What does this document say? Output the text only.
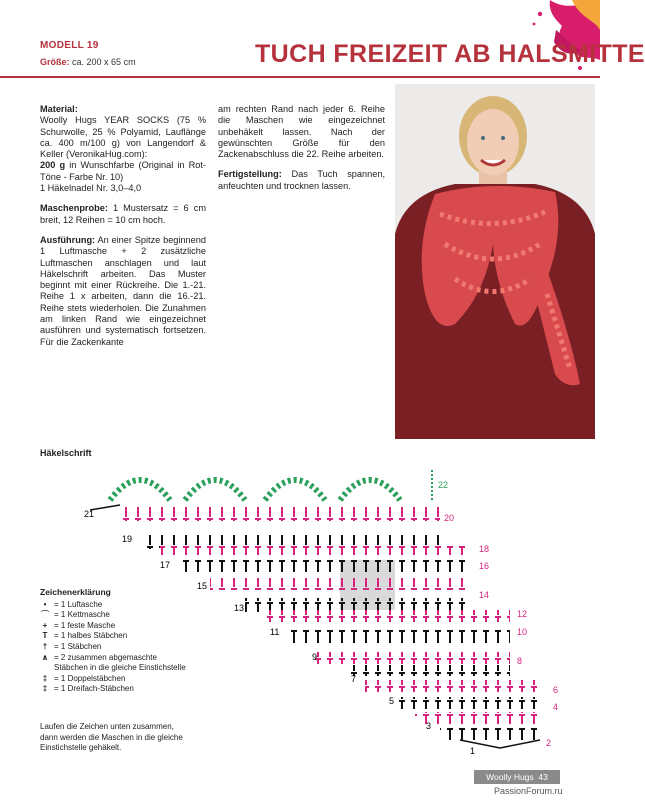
MODELL 19
Größe: ca. 200 x 65 cm	TUCH FREIZEIT AB HALSMITTE

Material:
Woolly Hugs YEAR SOCKS (75 % Schurwolle, 25 % Polyamid, Lauflänge ca. 400 m/100 g) von Langendorf & Keller (VeronikaHug.com):
200 g in Wunschfarbe (Original in Rot-Töne - Farbe Nr. 10)
1 Häkelnadel Nr. 3,0–4,0

Maschenprobe: 1 Mustersatz = 6 cm breit, 12 Reihen = 10 cm hoch.

Ausführung: An einer Spitze beginnend 1 Luftmasche + 2 zusätzliche Luftmaschen anschlagen und laut Häkelschrift arbeiten. Das Muster beginnt mit einer Rückreihe. Die 1.-21. Reihe 1 x arbeiten, dann die 16.-21. Reihe stets wiederholen. Die Zunahmen am linken Rand wie eingezeichnet ausführen und systematisch fortsetzen. Für die Zackenkante

am rechten Rand nach jeder 6. Reihe die Maschen wie eingezeichnet unbehäkelt lassen. Nach der gewünschten Größe für den Zackenabschluss die 22. Reihe arbeiten.

Fertigstellung: Das Tuch spannen, anfeuchten und trocknen lassen.

Häkelschrift
21
19
17
15
13
11
9
7
5
3
1
22
20
18
16
14
12
10
8
6
4
2
Zeichenerklärung
• = 1 Luftasche
⌒ = 1 Kettmasche
+ = 1 feste Masche
T = 1 halbes Stäbchen
† = 1 Stäbchen
∧ = 2 zusammen abgemaschte Stäbchen in die gleiche Einstichstelle
‡ = 1 Doppelstäbchen
‡ = 1 Dreifach-Stäbchen
Laufen die Zeichen unten zusammen, dann werden die Maschen in die gleiche Einstichstelle gehäkelt.
Woolly Hugs 43
PassionForum.ru
